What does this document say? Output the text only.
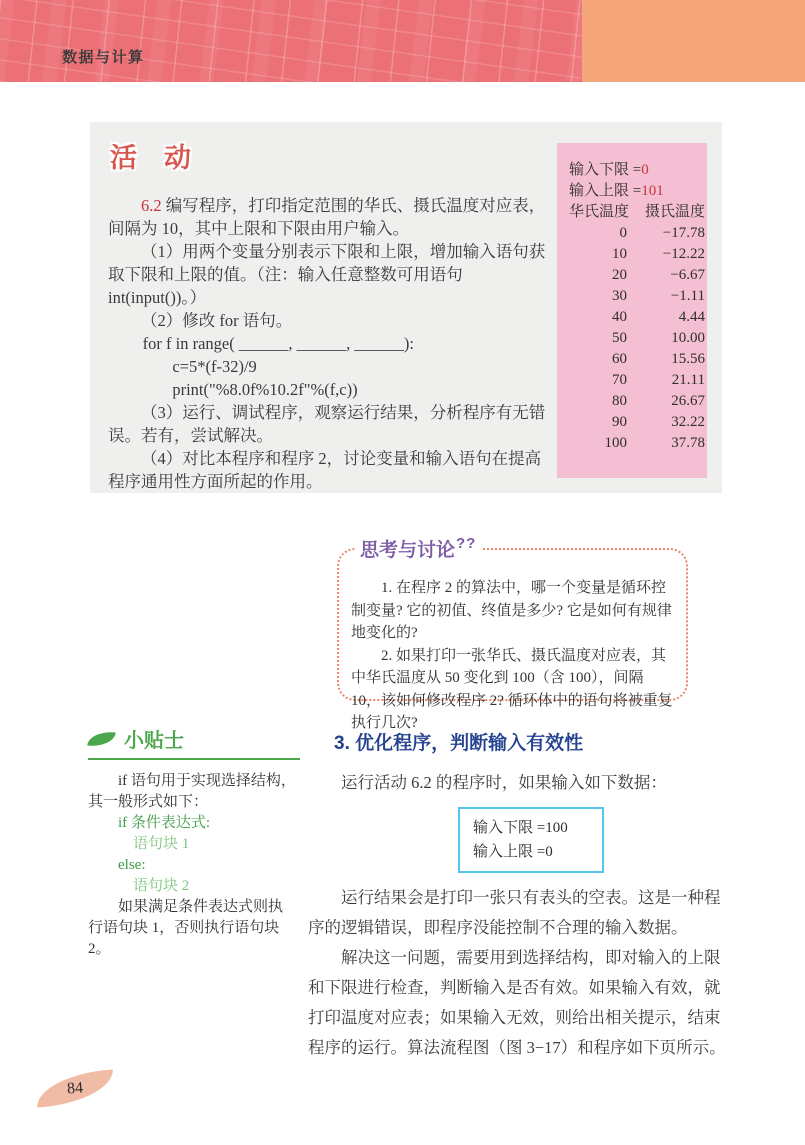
数据与计算
活　动

6.2 编写程序，打印指定范围的华氏、摄氏温度对应表，间隔为 10，其中上限和下限由用户输入。

（1）用两个变量分别表示下限和上限，增加输入语句获取下限和上限的值。（注：输入任意整数可用语句 int(input())。）

（2）修改 for 语句。

for f in range( ______, ______, ______):
c=5*(f-32)/9
print("%8.0f%10.2f"%(f,c))

（3）运行、调试程序，观察运行结果，分析程序有无错误。若有，尝试解决。

（4）对比本程序和程序 2，讨论变量和输入语句在提高程序通用性方面所起的作用。

输入下限 =0
输入上限 =101
华氏温度 摄氏温度
0	−17.78
10	−12.22
20	−6.67
30	−1.11
40	4.44
50	10.00
60	15.56
70	21.11
80	26.67
90	32.22
100	37.78
思考与讨论??

1. 在程序 2 的算法中，哪一个变量是循环控制变量? 它的初值、终值是多少? 它是如何有规律地变化的?

2. 如果打印一张华氏、摄氏温度对应表，其中华氏温度从 50 变化到 100（含 100），间隔 10，该如何修改程序 2? 循环体中的语句将被重复执行几次?

小贴士

if 语句用于实现选择结构，其一般形式如下：

if 条件表达式:
语句块 1
else:
语句块 2

如果满足条件表达式则执行语句块 1，否则执行语句块 2。

3. 优化程序，判断输入有效性

运行活动 6.2 的程序时，如果输入如下数据：

输入下限 =100
输入上限 =0

运行结果会是打印一张只有表头的空表。这是一种程序的逻辑错误，即程序没能控制不合理的输入数据。

解决这一问题，需要用到选择结构，即对输入的上限和下限进行检查，判断输入是否有效。如果输入有效，就打印温度对应表；如果输入无效，则给出相关提示，结束程序的运行。算法流程图（图 3−17）和程序如下页所示。

84
